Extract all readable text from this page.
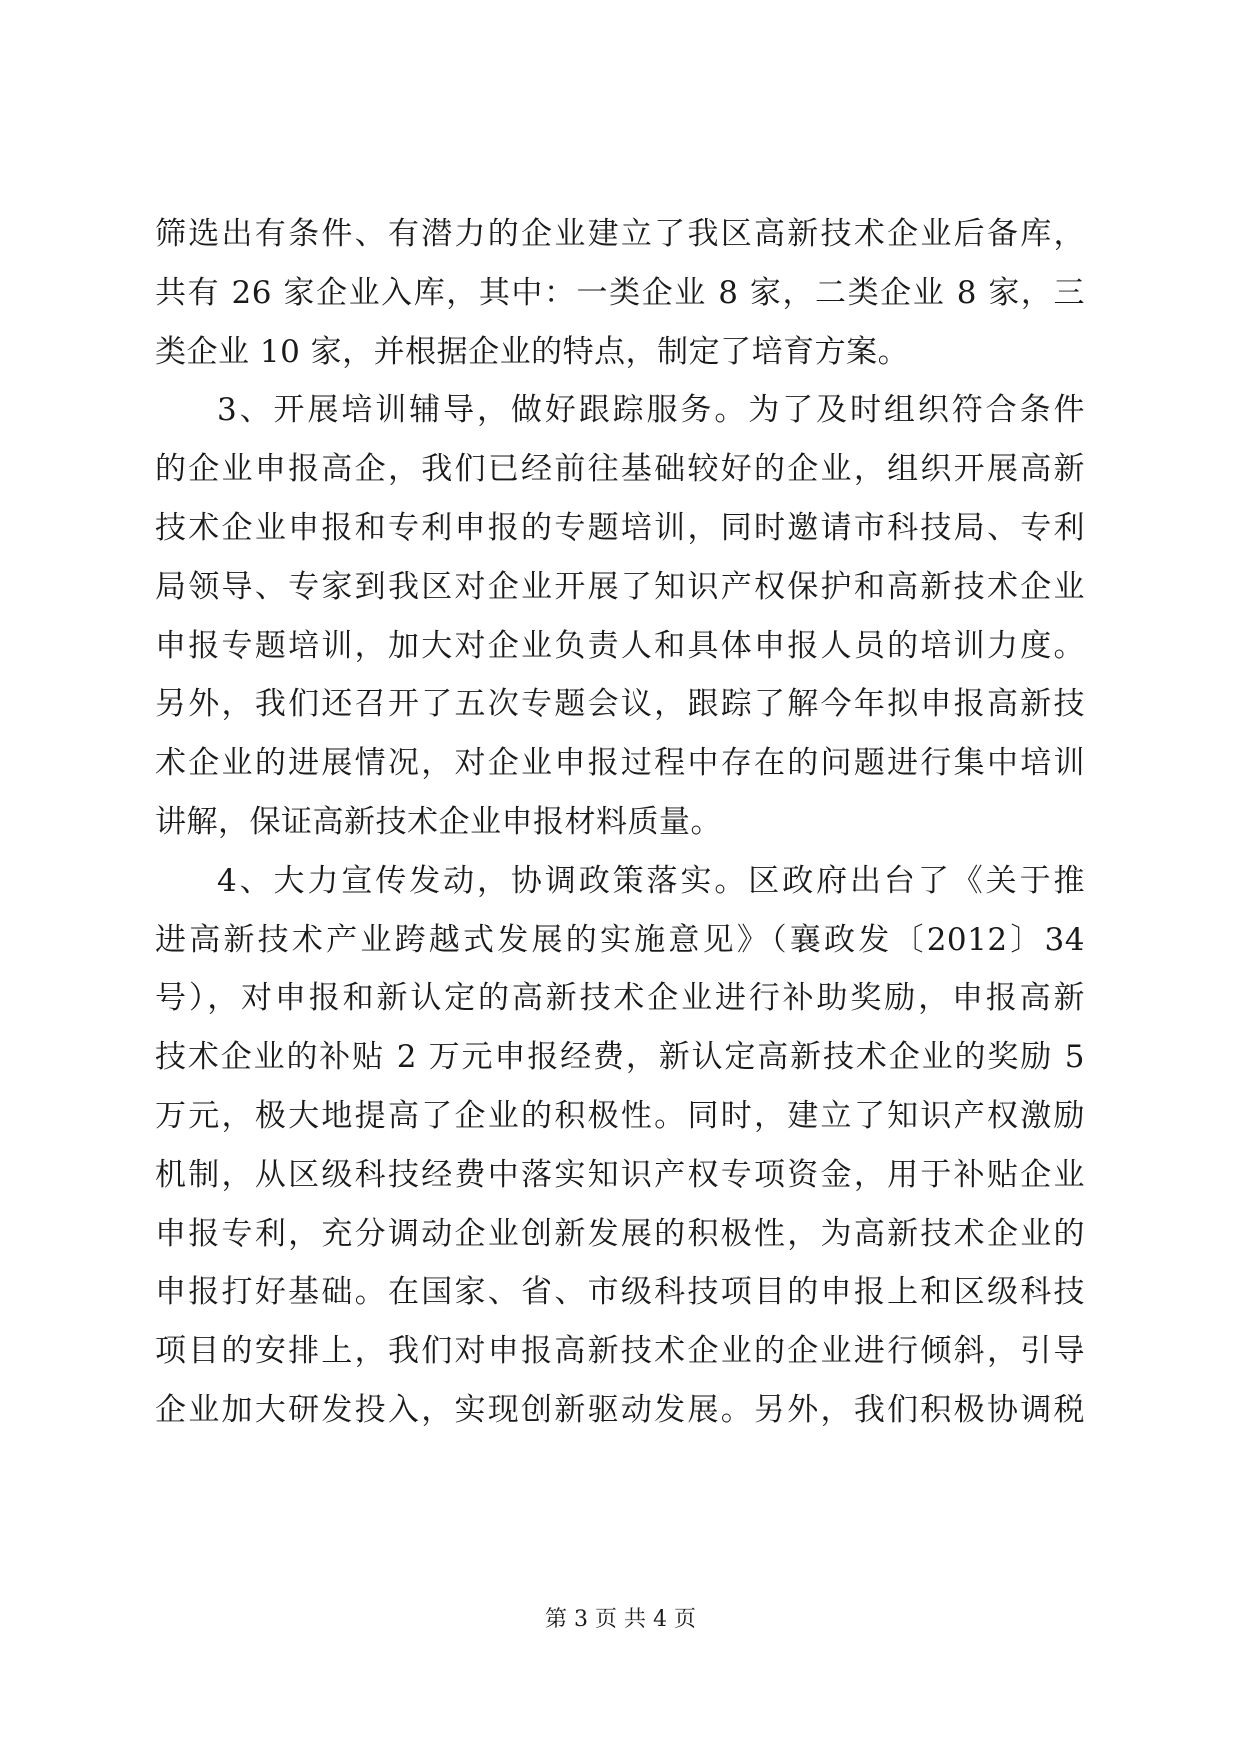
筛选出有条件、有潜力的企业建立了我区高新技术企业后备库，
共有 26 家企业入库，其中：一类企业 8 家，二类企业 8 家，三
类企业 10 家，并根据企业的特点，制定了培育方案。

3、开展培训辅导，做好跟踪服务。为了及时组织符合条件
的企业申报高企，我们已经前往基础较好的企业，组织开展高新
技术企业申报和专利申报的专题培训，同时邀请市科技局、专利
局领导、专家到我区对企业开展了知识产权保护和高新技术企业
申报专题培训，加大对企业负责人和具体申报人员的培训力度。
另外，我们还召开了五次专题会议，跟踪了解今年拟申报高新技
术企业的进展情况，对企业申报过程中存在的问题进行集中培训
讲解，保证高新技术企业申报材料质量。

4、大力宣传发动，协调政策落实。区政府出台了《关于推
进高新技术产业跨越式发展的实施意见》（襄政发〔2012〕34
号），对申报和新认定的高新技术企业进行补助奖励，申报高新
技术企业的补贴 2 万元申报经费，新认定高新技术企业的奖励 5
万元，极大地提高了企业的积极性。同时，建立了知识产权激励
机制，从区级科技经费中落实知识产权专项资金，用于补贴企业
申报专利，充分调动企业创新发展的积极性，为高新技术企业的
申报打好基础。在国家、省、市级科技项目的申报上和区级科技
项目的安排上，我们对申报高新技术企业的企业进行倾斜，引导
企业加大研发投入，实现创新驱动发展。另外，我们积极协调税

第 3 页 共 4 页
